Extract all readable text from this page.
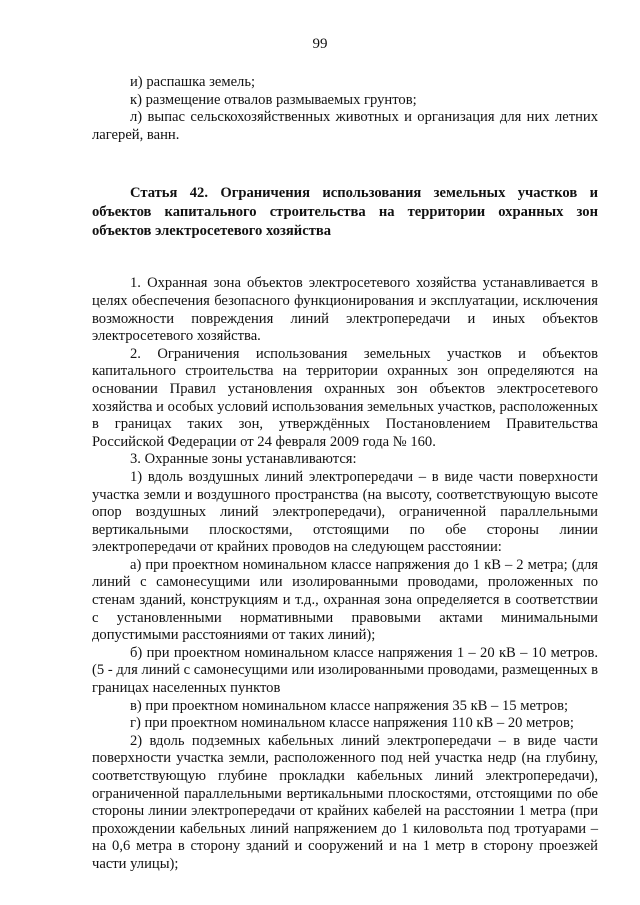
99

и) распашка земель;

к) размещение отвалов размываемых грунтов;

л) выпас сельскохозяйственных животных и организация для них летних лагерей, ванн.

Статья 42. Ограничения использования земельных участков и объектов капитального строительства на территории охранных зон объектов электросетевого хозяйства

1. Охранная зона объектов электросетевого хозяйства устанавливается в целях обеспечения безопасного функционирования и эксплуатации, исключения возможности повреждения линий электропередачи и иных объектов электросетевого хозяйства.

2. Ограничения использования земельных участков и объектов капитального строительства на территории охранных зон определяются на основании Правил установления охранных зон объектов электросетевого хозяйства и особых условий использования земельных участков, расположенных в границах таких зон, утверждённых Постановлением Правительства Российской Федерации от 24 февраля 2009 года № 160.

3. Охранные зоны устанавливаются:

1) вдоль воздушных линий электропередачи – в виде части поверхности участка земли и воздушного пространства (на высоту, соответствующую высоте опор воздушных линий электропередачи), ограниченной параллельными вертикальными плоскостями, отстоящими по обе стороны линии электропередачи от крайних проводов на следующем расстоянии:

а) при проектном номинальном классе напряжения до 1 кВ – 2 метра; (для линий с самонесущими или изолированными проводами, проложенных по стенам зданий, конструкциям и т.д., охранная зона определяется в соответствии с установленными нормативными правовыми актами минимальными допустимыми расстояниями от таких линий);

б) при проектном номинальном классе напряжения 1 – 20 кВ – 10 метров. (5 - для линий с самонесущими или изолированными проводами, размещенных в границах населенных пунктов

в) при проектном номинальном классе напряжения 35 кВ – 15 метров;

г) при проектном номинальном классе напряжения 110 кВ – 20 метров;

2) вдоль подземных кабельных линий электропередачи – в виде части поверхности участка земли, расположенного под ней участка недр (на глубину, соответствующую глубине прокладки кабельных линий электропередачи), ограниченной параллельными вертикальными плоскостями, отстоящими по обе стороны линии электропередачи от крайних кабелей на расстоянии 1 метра (при прохождении кабельных линий напряжением до 1 киловольта под тротуарами – на 0,6 метра в сторону зданий и сооружений и на 1 метр в сторону проезжей части улицы);
